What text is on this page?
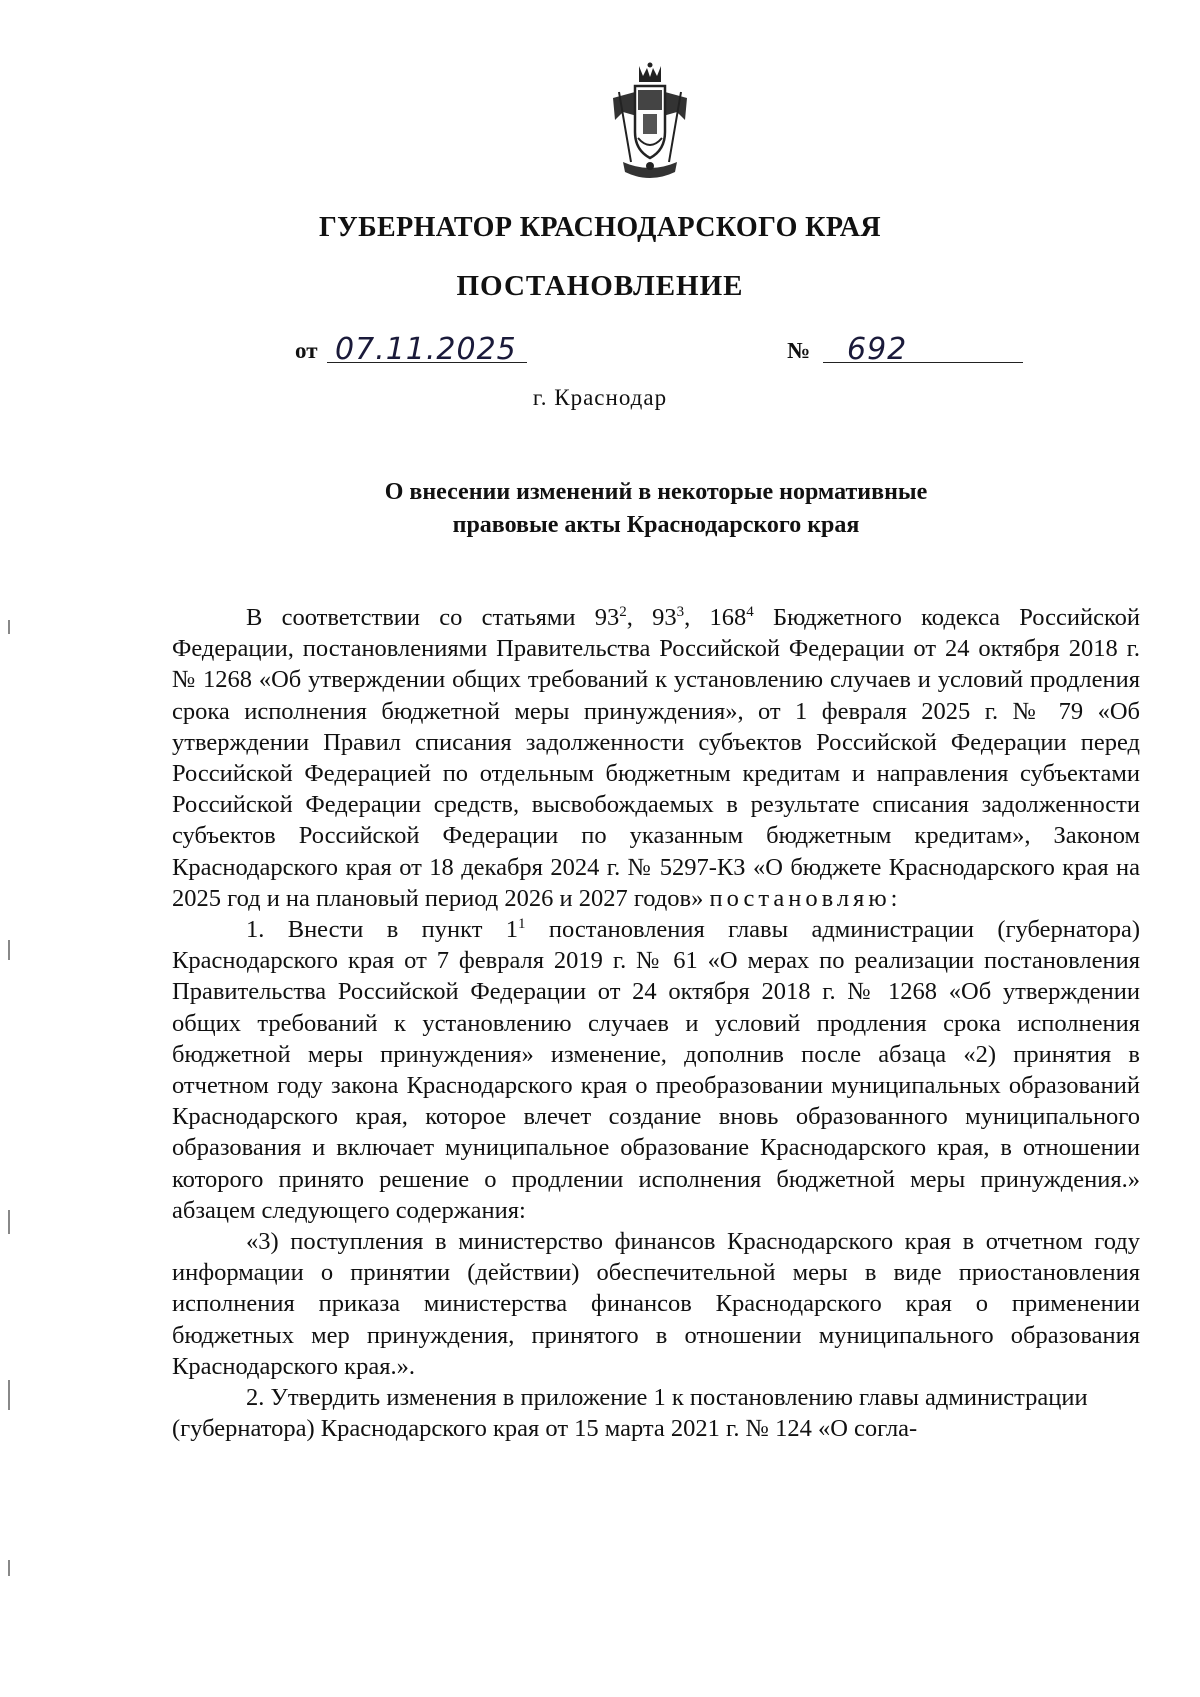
ГУБЕРНАТОР КРАСНОДАРСКОГО КРАЯ
ПОСТАНОВЛЕНИЕ
от 07.11.2025	№ 692
г. Краснодар
О внесении изменений в некоторые нормативные
правовые акты Краснодарского края

В соответствии со статьями $93^2$, $93^3$, $168^4$ Бюджетного кодекса Российской Федерации, постановлениями Правительства Российской Федерации от 24 октября 2018 г. № 1268 «Об утверждении общих требований к установлению случаев и условий продления срока исполнения бюджетной меры принуждения», от 1 февраля 2025 г. № 79 «Об утверждении Правил списания задолженности субъектов Российской Федерации перед Российской Федерацией по отдельным бюджетным кредитам и направления субъектами Российской Федерации средств, высвобождаемых в результате списания задолженности субъектов Российской Федерации по указанным бюджетным кредитам», Законом Краснодарского края от 18 декабря 2024 г. № 5297-КЗ «О бюджете Краснодарского края на 2025 год и на плановый период 2026 и 2027 годов» постановляю:

1. Внести в пункт $1^1$ постановления главы администрации (губернатора) Краснодарского края от 7 февраля 2019 г. № 61 «О мерах по реализации постановления Правительства Российской Федерации от 24 октября 2018 г. № 1268 «Об утверждении общих требований к установлению случаев и условий продления срока исполнения бюджетной меры принуждения» изменение, дополнив после абзаца «2) принятия в отчетном году закона Краснодарского края о преобразовании муниципальных образований Краснодарского края, которое влечет создание вновь образованного муниципального образования и включает муниципальное образование Краснодарского края, в отношении которого принято решение о продлении исполнения бюджетной меры принуждения.» абзацем следующего содержания:

«3) поступления в министерство финансов Краснодарского края в отчетном году информации о принятии (действии) обеспечительной меры в виде приостановления исполнения приказа министерства финансов Краснодарского края о применении бюджетных мер принуждения, принятого в отношении муниципального образования Краснодарского края.».

2. Утвердить изменения в приложение 1 к постановлению главы администрации (губернатора) Краснодарского края от 15 марта 2021 г. № 124 «О согла-
